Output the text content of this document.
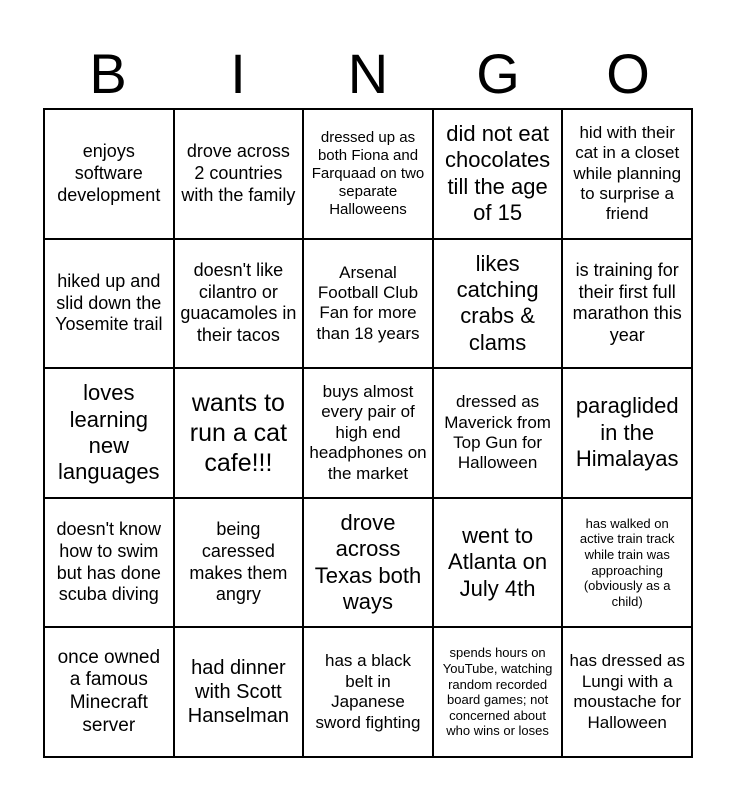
B	I	N	G	O
enjoys software development
drove across 2 countries with the family
dressed up as both Fiona and Farquaad on two separate Halloweens
did not eat chocolates till the age of 15
hid with their cat in a closet while planning to surprise a friend
hiked up and slid down the Yosemite trail
doesn't like cilantro or guacamoles in their tacos
Arsenal Football Club Fan for more than 18 years
likes catching crabs & clams
is training for their first full marathon this year
loves learning new languages
wants to run a cat cafe!!!
buys almost every pair of high end headphones on the market
dressed as Maverick from Top Gun for Halloween
paraglided in the Himalayas
doesn't know how to swim but has done scuba diving
being caressed makes them angry
drove across Texas both ways
went to Atlanta on July 4th
has walked on active train track while train was approaching (obviously as a child)
once owned a famous Minecraft server
had dinner with Scott Hanselman
has a black belt in Japanese sword fighting
spends hours on YouTube, watching random recorded board games; not concerned about who wins or loses
has dressed as Lungi with a moustache for Halloween
